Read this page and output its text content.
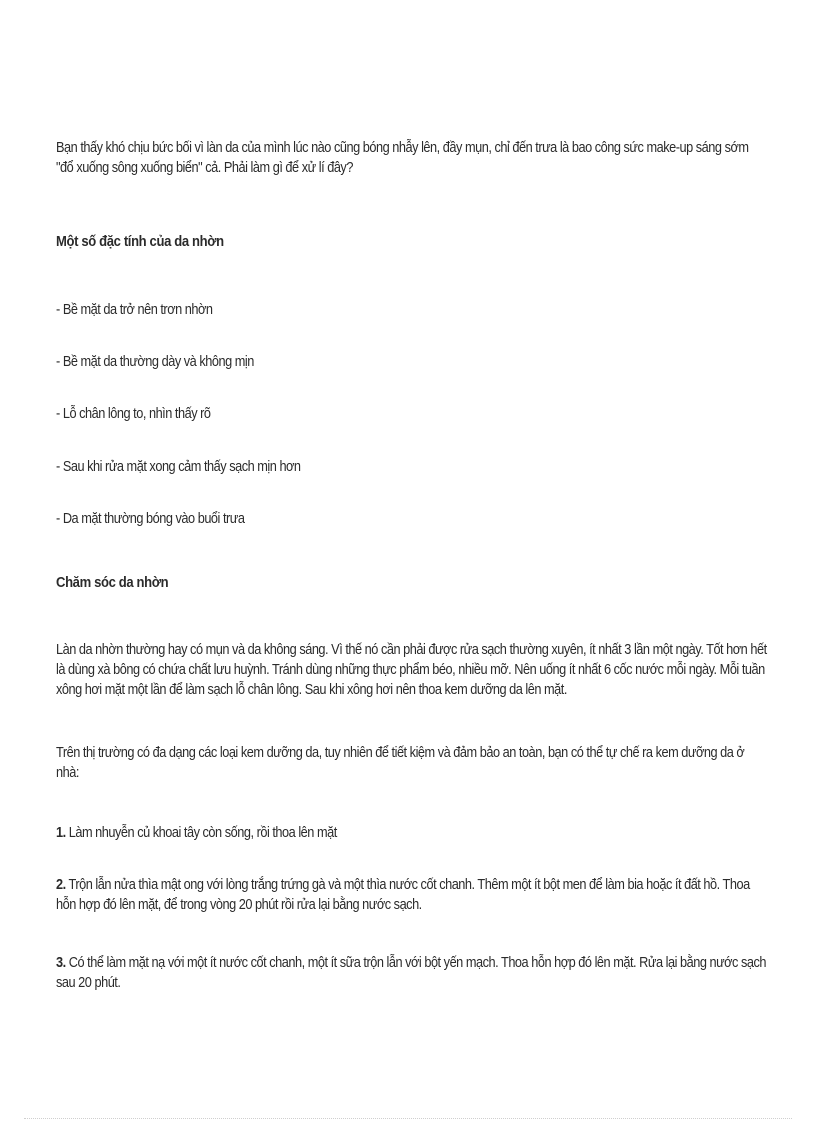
Bạn thấy khó chịu bức bối vì làn da của mình lúc nào cũng bóng nhẫy lên, đầy mụn, chỉ đến trưa là bao công sức make-up sáng sớm "đổ xuống sông xuống biển" cả. Phải làm gì để xử lí đây?

Một số đặc tính của da nhờn

- Bề mặt da trở nên trơn nhờn

- Bề mặt da thường dày và không mịn

- Lỗ chân lông to, nhìn thấy rõ

- Sau khi rửa mặt xong cảm thấy sạch mịn hơn

- Da mặt thường bóng vào buổi trưa

Chăm sóc da nhờn

Làn da nhờn thường hay có mụn và da không sáng. Vì thế nó cần phải được rửa sạch thường xuyên, ít nhất 3 lần một ngày. Tốt hơn hết là dùng xà bông có chứa chất lưu huỳnh. Tránh dùng những thực phẩm béo, nhiều mỡ. Nên uống ít nhất 6 cốc nước mỗi ngày. Mỗi tuần xông hơi mặt một lần để làm sạch lỗ chân lông. Sau khi xông hơi nên thoa kem dưỡng da lên mặt.

Trên thị trường có đa dạng các loại kem dưỡng da, tuy nhiên để tiết kiệm và đảm bảo an toàn, bạn có thể tự chế ra kem dưỡng da ở nhà:

1. Làm nhuyễn củ khoai tây còn sống, rồi thoa lên mặt

2. Trộn lẫn nửa thìa mật ong với lòng trắng trứng gà và một thìa nước cốt chanh. Thêm một ít bột men để làm bia hoặc ít đất hồ. Thoa hỗn hợp đó lên mặt, để trong vòng 20 phút rồi rửa lại bằng nước sạch.

3. Có thể làm mặt nạ với một ít nước cốt chanh, một ít sữa trộn lẫn với bột yến mạch. Thoa hỗn hợp đó lên mặt. Rửa lại bằng nước sạch sau 20 phút.
